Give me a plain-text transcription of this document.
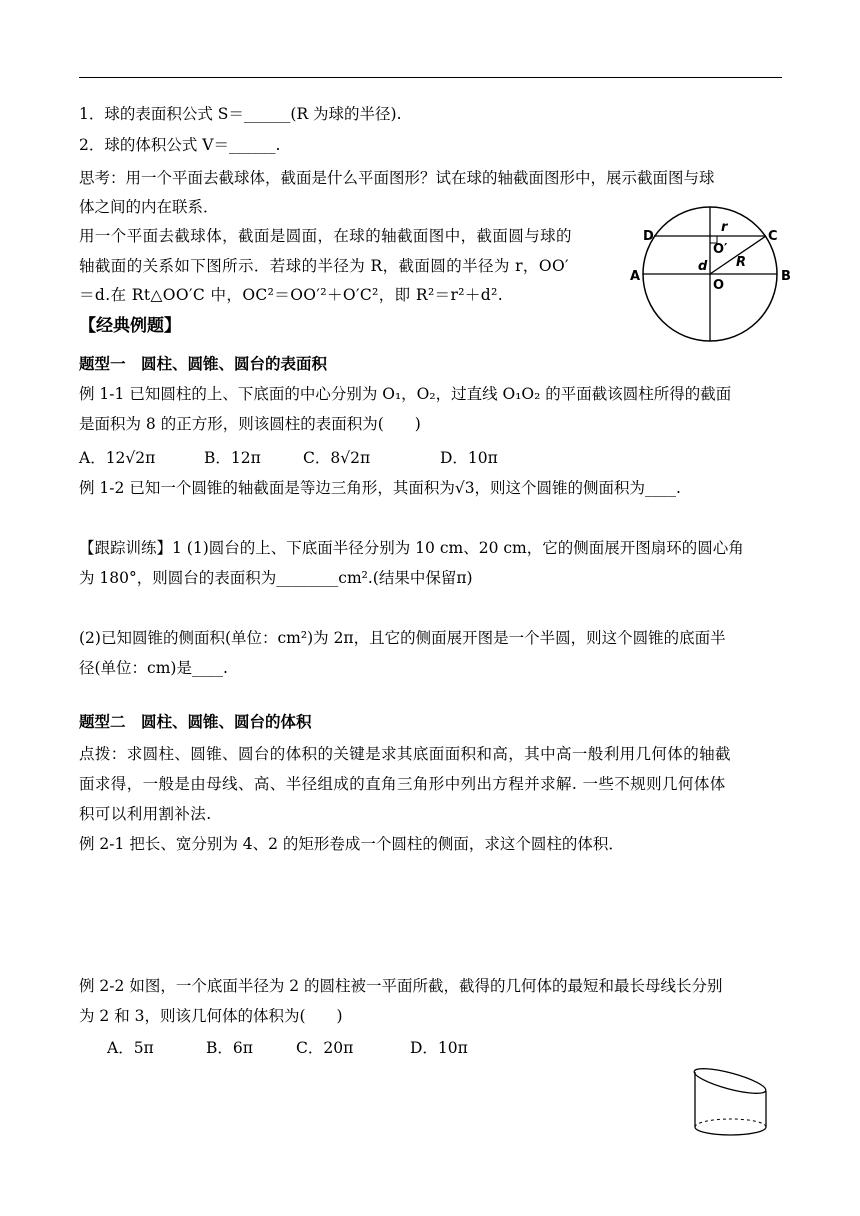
1．球的表面积公式 S＝______(R 为球的半径).
2．球的体积公式 V＝______.
思考：用一个平面去截球体，截面是什么平面图形？试在球的轴截面图形中，展示截面图与球
体之间的内在联系．
用一个平面去截球体，截面是圆面，在球的轴截面图中，截面圆与球的
轴截面的关系如下图所示．若球的半径为 R，截面圆的半径为 r，OO′
＝d.在 Rt△OO′C 中，OC²＝OO′²＋O′C²，即 R²＝r²＋d².
【经典例题】
题型一　圆柱、圆锥、圆台的表面积
例 1-1 已知圆柱的上、下底面的中心分别为 O₁，O₂，过直线 O₁O₂ 的平面截该圆柱所得的截面
是面积为 8 的正方形，则该圆柱的表面积为(　　)
A．12√2π	B．12π	C．8√2π	D．10π
例 1-2 已知一个圆锥的轴截面是等边三角形，其面积为√3，则这个圆锥的侧面积为____.
【跟踪训练】1 (1)圆台的上、下底面半径分别为 10 cm、20 cm，它的侧面展开图扇环的圆心角
为 180°，则圆台的表面积为________cm².(结果中保留π)
(2)已知圆锥的侧面积(单位：cm²)为 2π，且它的侧面展开图是一个半圆，则这个圆锥的底面半
径(单位：cm)是____.
题型二　圆柱、圆锥、圆台的体积
点拨：求圆柱、圆锥、圆台的体积的关键是求其底面面积和高，其中高一般利用几何体的轴截
面求得，一般是由母线、高、半径组成的直角三角形中列出方程并求解. 一些不规则几何体体
积可以利用割补法.
例 2-1 把长、宽分别为 4、2 的矩形卷成一个圆柱的侧面，求这个圆柱的体积．
例 2-2 如图，一个底面半径为 2 的圆柱被一平面所截，截得的几何体的最短和最长母线长分别
为 2 和 3，则该几何体的体积为(　　)
A．5π	B．6π	C．20π	D．10π
D	C
A	B
O
O′
r
d R
